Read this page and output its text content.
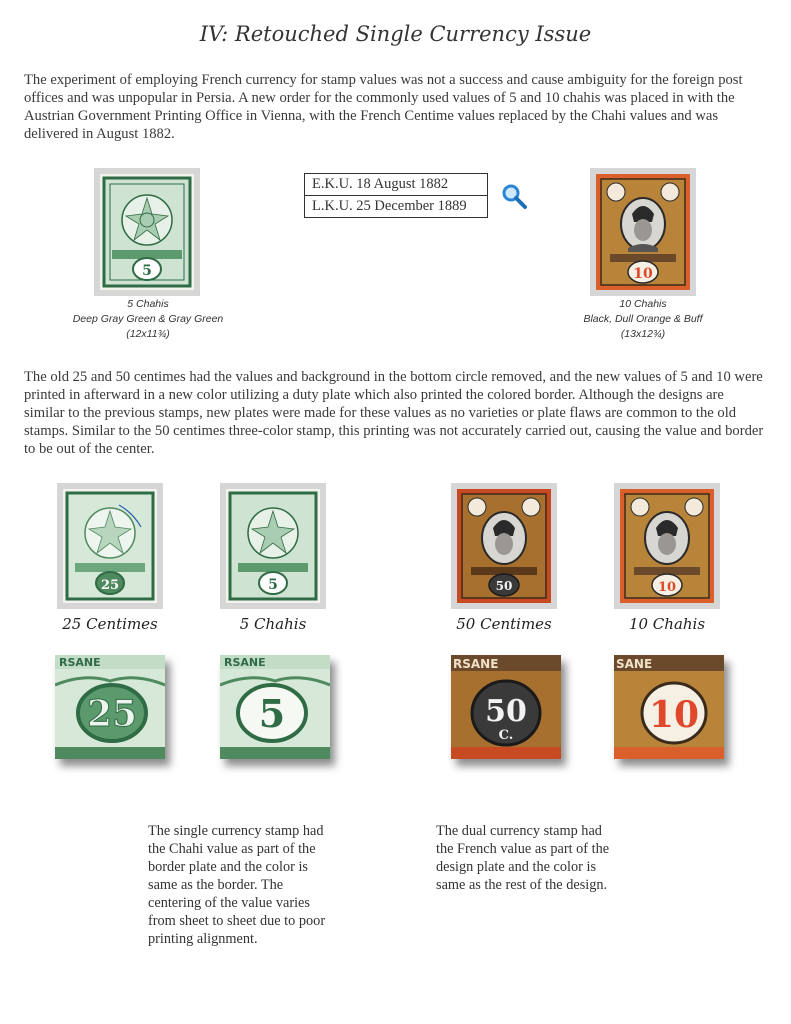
IV: Retouched Single Currency Issue
The experiment of employing French currency for stamp values was not a success and cause ambiguity for the foreign post offices and was unpopular in Persia. A new order for the commonly used values of 5 and 10 chahis was placed in with the Austrian Government Printing Office in Vienna, with the French Centime values replaced by the Chahi values and was delivered in August 1882.
5
5 Chahis
Deep Gray Green & Gray Green
(12x11¾)
E.K.U. 18 August 1882
L.K.U. 25 December 1889
10
10 Chahis
Black, Dull Orange & Buff
(13x12¾)
The old 25 and 50 centimes had the values and background in the bottom circle removed, and the new values of 5 and 10 were printed in afterward in a new color utilizing a duty plate which also printed the colored border. Although the designs are similar to the previous stamps, new plates were made for these values as no varieties or plate flaws are common to the old stamps. Similar to the 50 centimes three-color stamp, this printing was not accurately carried out, causing the value and border to be out of the center.
25	5	50	10
25 Centimes	5 Chahis	50 Centimes	10 Chahis
RSANE
25
RSANE
5
RSANE
50
C.
SANE
10
The single currency stamp had the Chahi value as part of the border plate and the color is same as the border. The centering of the value varies from sheet to sheet due to poor printing alignment.
The dual currency stamp had the French value as part of the design plate and the color is same as the rest of the design.
